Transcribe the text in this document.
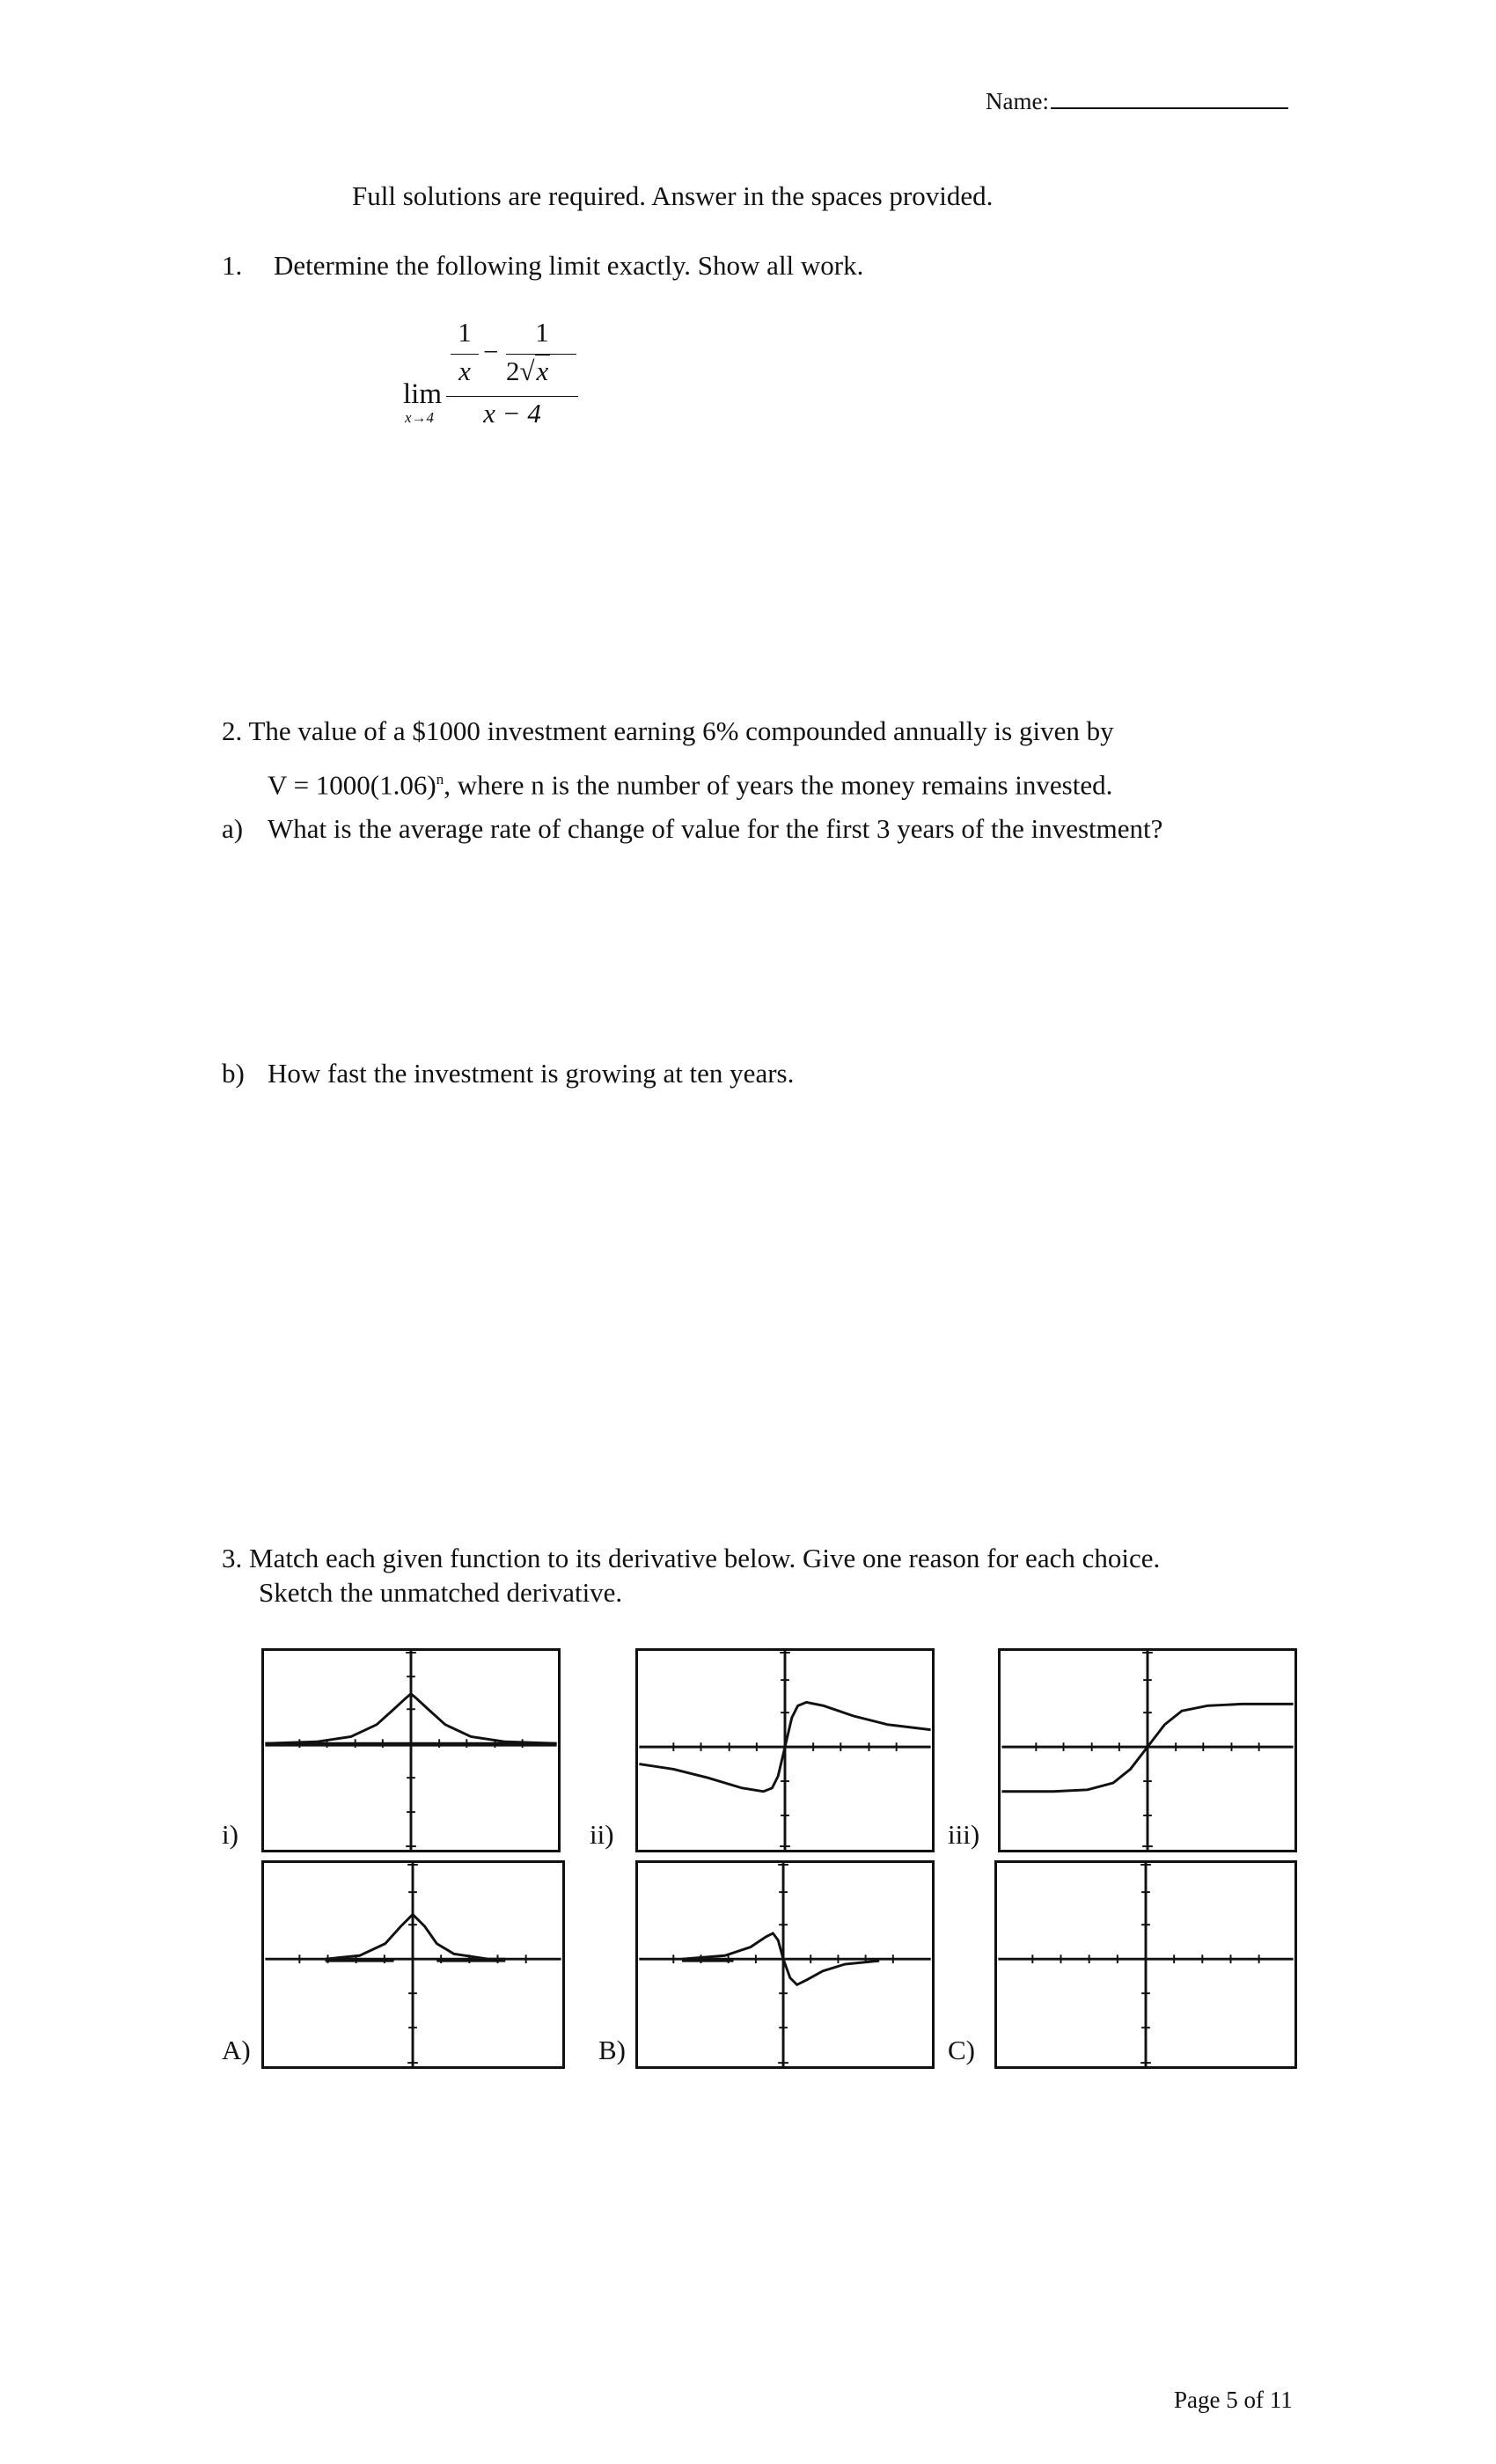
Name:
Full solutions are required. Answer in the spaces provided.
1. Determine the following limit exactly. Show all work.
lim
x→4
1
x
−
1
2√x
x − 4
2. The value of a $1000 investment earning 6% compounded annually is given by
$V = 1000(1.06)^n$, where n is the number of years the money remains invested.
a) What is the average rate of change of value for the first 3 years of the investment?
b) How fast the investment is growing at ten years.
3. Match each given function to its derivative below. Give one reason for each choice.
Sketch the unmatched derivative.
i)	ii)	iii)
A)	B)	C)
Page 5 of 11
